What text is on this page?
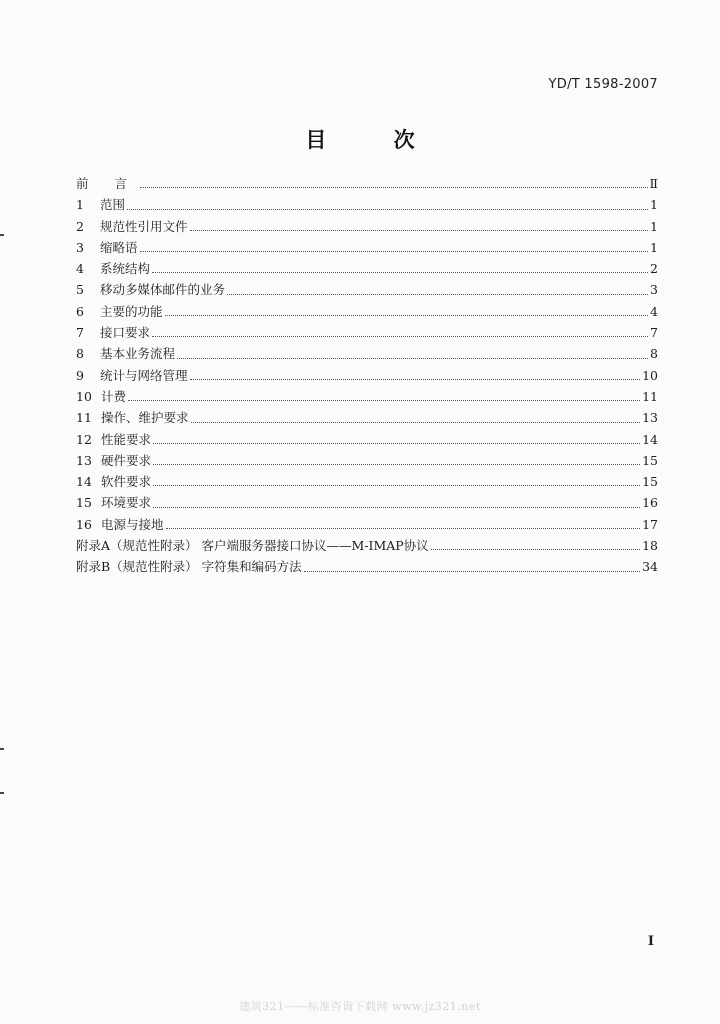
YD/T 1598-2007
目 次
前 言	Ⅱ
1	范围	1
2	规范性引用文件	1
3	缩略语	1
4	系统结构	2
5	移动多媒体邮件的业务	3
6	主要的功能	4
7	接口要求	7
8	基本业务流程	8
9	统计与网络管理	10
10 计费	11
11 操作、维护要求	13
12 性能要求	14
13 硬件要求	15
14 软件要求	15
15 环境要求	16
16 电源与接地	17
附录A（规范性附录） 客户端服务器接口协议——M-IMAP协议	18
附录B（规范性附录） 字符集和编码方法	34
I
建筑321——标准咨询下载网 www.jz321.net
